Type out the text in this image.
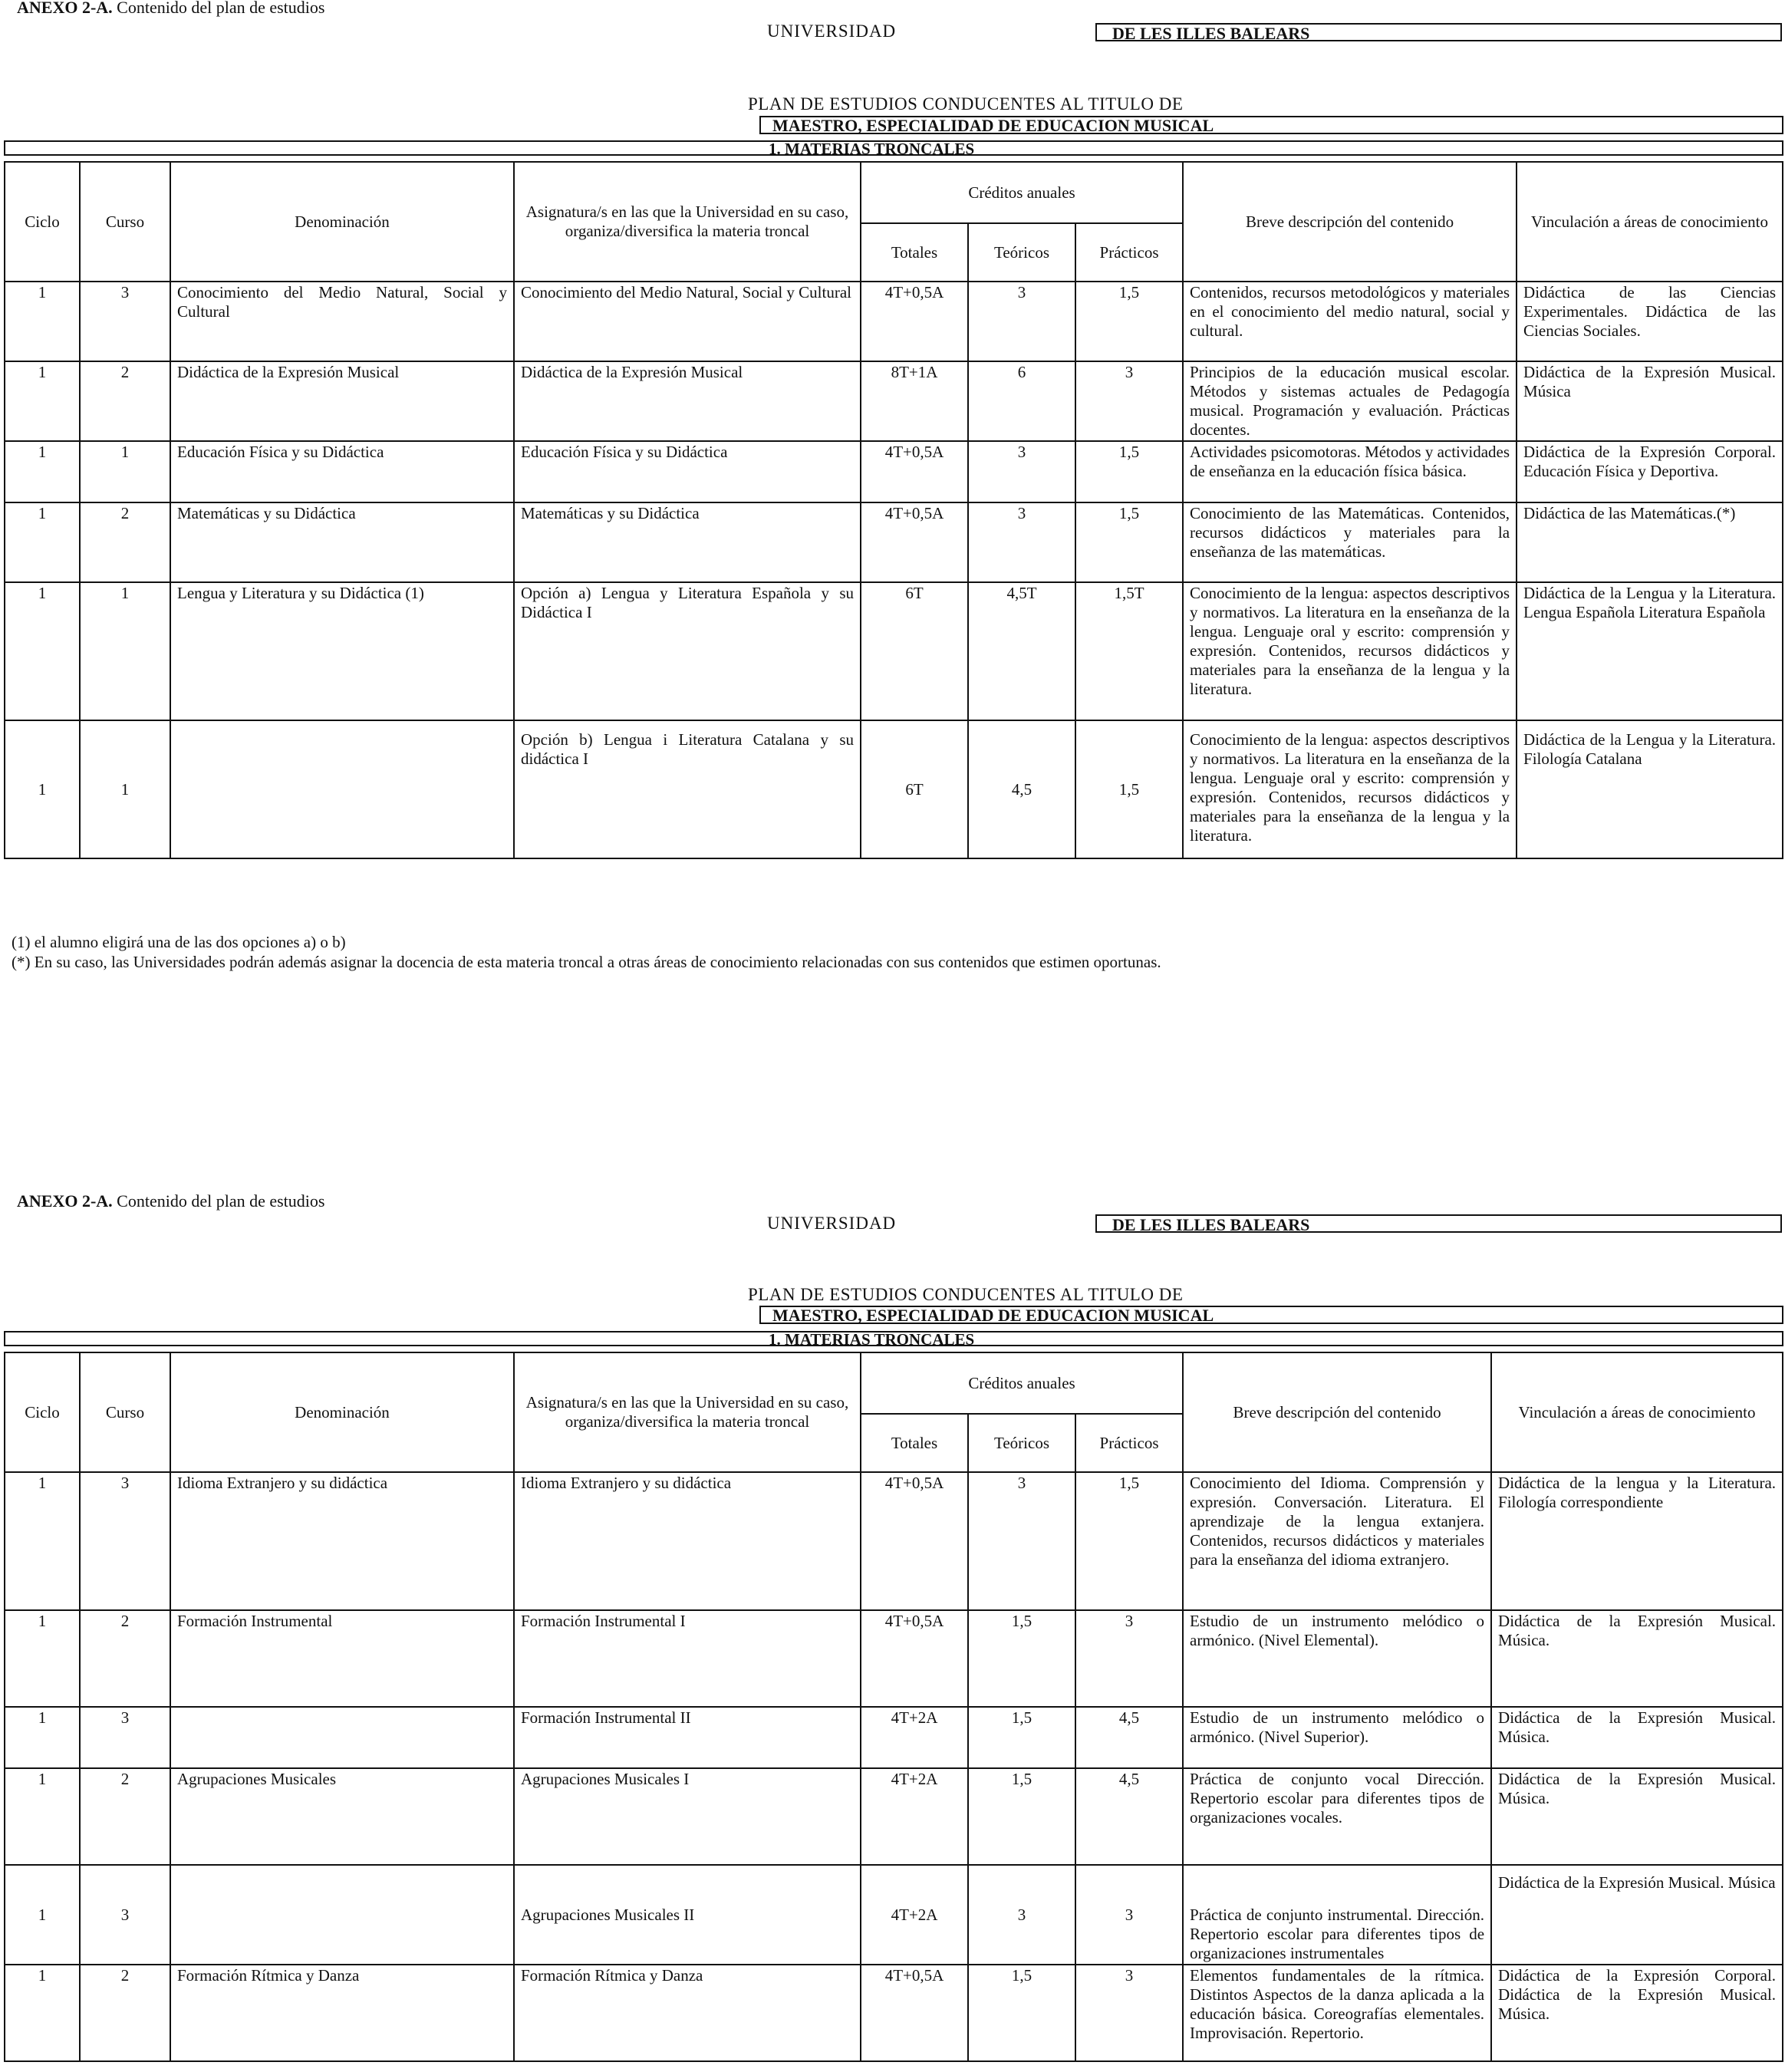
ANEXO 2-A. Contenido del plan de estudios
UNIVERSIDAD	DE LES ILLES BALEARS
PLAN DE ESTUDIOS CONDUCENTES AL TITULO DE
MAESTRO, ESPECIALIDAD DE EDUCACION MUSICAL
1. MATERIAS TRONCALES
Ciclo	Curso	Denominación	Asignatura/s en las que la Universidad en su caso, organiza/diversifica la materia troncal	Créditos anuales			Breve descripción del contenido	Vinculación a áreas de conocimiento
				Totales	Teóricos	Prácticos		
1	3	Conocimiento del Medio Natural, Social y Cultural	Conocimiento del Medio Natural, Social y Cultural	4T+0,5A	3	1,5	Contenidos, recursos metodológicos y materiales en el conocimiento del medio natural, social y cultural.	Didáctica de las Ciencias Experimentales. Didáctica de las Ciencias Sociales.
1	2	Didáctica de la Expresión Musical	Didáctica de la Expresión Musical	8T+1A	6	3	Principios de la educación musical escolar. Métodos y sistemas actuales de Pedagogía musical. Programación y evaluación. Prácticas docentes.	Didáctica de la Expresión Musical. Música
1	1	Educación Física y su Didáctica	Educación Física y su Didáctica	4T+0,5A	3	1,5	Actividades psicomotoras. Métodos y actividades de enseñanza en la educación física básica.	Didáctica de la Expresión Corporal. Educación Física y Deportiva.
1	2	Matemáticas y su Didáctica	Matemáticas y su Didáctica	4T+0,5A	3	1,5	Conocimiento de las Matemáticas. Contenidos, recursos didácticos y materiales para la enseñanza de las matemáticas.	Didáctica de las Matemáticas.(*)
1	1	Lengua y Literatura y su Didáctica (1)	Opción a) Lengua y Literatura Española y su Didáctica I	6T	4,5T	1,5T	Conocimiento de la lengua: aspectos descriptivos y normativos. La literatura en la enseñanza de la lengua. Lenguaje oral y escrito: comprensión y expresión. Contenidos, recursos didácticos y materiales para la enseñanza de la lengua y la literatura.	Didáctica de la Lengua y la Literatura. Lengua Española Literatura Española
1	1		Opción b) Lengua i Literatura Catalana y su didáctica I	6T	4,5	1,5	Conocimiento de la lengua: aspectos descriptivos y normativos. La literatura en la enseñanza de la lengua. Lenguaje oral y escrito: comprensión y expresión. Contenidos, recursos didácticos y materiales para la enseñanza de la lengua y la literatura.	Didáctica de la Lengua y la Literatura. Filología Catalana
(1) el alumno eligirá una de las dos opciones a) o b)
(*) En su caso, las Universidades podrán además asignar la docencia de esta materia troncal a otras áreas de conocimiento relacionadas con sus contenidos que estimen oportunas.
ANEXO 2-A. Contenido del plan de estudios
UNIVERSIDAD	DE LES ILLES BALEARS
PLAN DE ESTUDIOS CONDUCENTES AL TITULO DE
MAESTRO, ESPECIALIDAD DE EDUCACION MUSICAL
1. MATERIAS TRONCALES
Ciclo	Curso	Denominación	Asignatura/s en las que la Universidad en su caso, organiza/diversifica la materia troncal	Créditos anuales			Breve descripción del contenido	Vinculación a áreas de conocimiento
				Totales	Teóricos	Prácticos		
1	3	Idioma Extranjero y su didáctica	Idioma Extranjero y su didáctica	4T+0,5A	3	1,5	Conocimiento del Idioma. Comprensión y expresión. Conversación. Literatura. El aprendizaje de la lengua extanjera. Contenidos, recursos didácticos y materiales para la enseñanza del idioma extranjero.	Didáctica de la lengua y la Literatura. Filología correspondiente
1	2	Formación Instrumental	Formación Instrumental I	4T+0,5A	1,5	3	Estudio de un instrumento melódico o armónico. (Nivel Elemental).	Didáctica de la Expresión Musical. Música.
1	3		Formación Instrumental II	4T+2A	1,5	4,5	Estudio de un instrumento melódico o armónico. (Nivel Superior).	Didáctica de la Expresión Musical. Música.
1	2	Agrupaciones Musicales	Agrupaciones Musicales I	4T+2A	1,5	4,5	Práctica de conjunto vocal Dirección. Repertorio escolar para diferentes tipos de organizaciones vocales.	Didáctica de la Expresión Musical. Música.
1	3		Agrupaciones Musicales II	4T+2A	3	3	Práctica de conjunto instrumental. Dirección. Repertorio escolar para diferentes tipos de organizaciones instrumentales	Didáctica de la Expresión Musical. Música
1	2	Formación Rítmica y Danza	Formación Rítmica y Danza	4T+0,5A	1,5	3	Elementos fundamentales de la rítmica. Distintos Aspectos de la danza aplicada a la educación básica. Coreografías elementales. Improvisación. Repertorio.	Didáctica de la Expresión Corporal. Didáctica de la Expresión Musical. Música.
